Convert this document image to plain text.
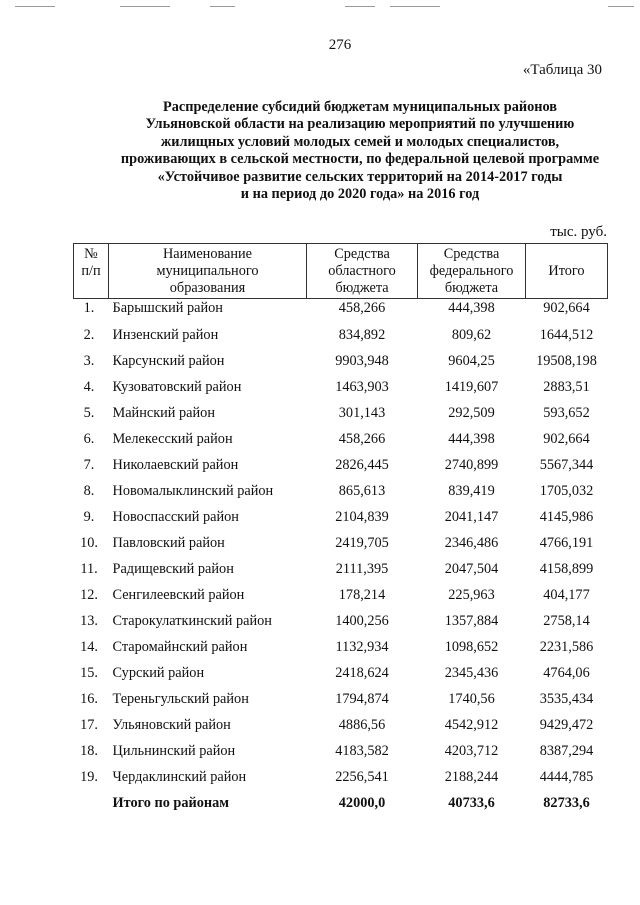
276
«Таблица 30
Распределение субсидий бюджетам муниципальных районов
Ульяновской области на реализацию мероприятий по улучшению
жилищных условий молодых семей и молодых специалистов,
проживающих в сельской местности, по федеральной целевой программе
«Устойчивое развитие сельских территорий на 2014-2017 годы
и на период до 2020 года» на 2016 год
тыс. руб.
№
п/п

Наименование
муниципального
образования

Средства
областного
бюджета

Средства
федерального
бюджета

Итого

1.	Барышский район	458,266	444,398	902,664
2.	Инзенский район	834,892	809,62	1644,512
3.	Карсунский район	9903,948	9604,25	19508,198
4.	Кузоватовский район	1463,903	1419,607	2883,51
5.	Майнский район	301,143	292,509	593,652
6.	Мелекесский район	458,266	444,398	902,664
7.	Николаевский район	2826,445	2740,899	5567,344
8.	Новомалыклинский район	865,613	839,419	1705,032
9.	Новоспасский район	2104,839	2041,147	4145,986
10.	Павловский район	2419,705	2346,486	4766,191
11.	Радищевский район	2111,395	2047,504	4158,899
12.	Сенгилеевский район	178,214	225,963	404,177
13.	Старокулаткинский район	1400,256	1357,884	2758,14
14.	Старомайнский район	1132,934	1098,652	2231,586
15.	Сурский район	2418,624	2345,436	4764,06
16.	Тереньгульский район	1794,874	1740,56	3535,434
17.	Ульяновский район	4886,56	4542,912	9429,472
18.	Цильнинский район	4183,582	4203,712	8387,294
19.	Чердаклинский район	2256,541	2188,244	4444,785
	Итого по районам	42000,0	40733,6	82733,6
